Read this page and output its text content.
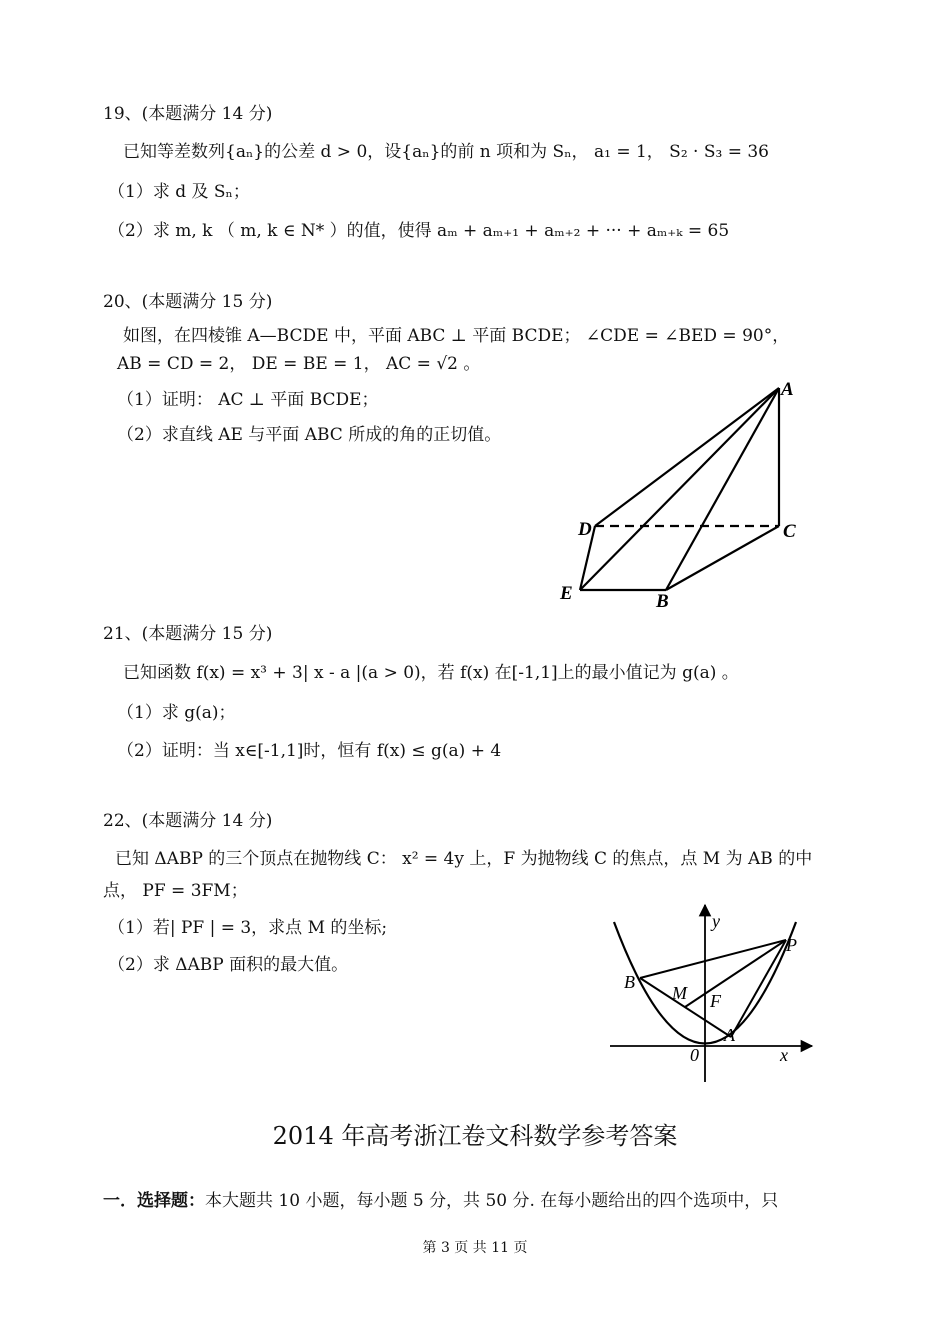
19、(本题满分 14 分)
已知等差数列{aₙ}的公差 d > 0，设{aₙ}的前 n 项和为 Sₙ， a₁ = 1， S₂ · S₃ = 36
（1）求 d 及 Sₙ；
（2）求 m, k （ m, k ∈ N* ）的值，使得 aₘ + aₘ₊₁ + aₘ₊₂ + ··· + aₘ₊ₖ = 65
20、(本题满分 15 分)
如图，在四棱锥 A—BCDE 中，平面 ABC ⊥ 平面 BCDE； ∠CDE = ∠BED = 90°，
AB = CD = 2， DE = BE = 1， AC = √2 。
（1）证明： AC ⊥ 平面 BCDE；
（2）求直线 AE 与平面 ABC 所成的角的正切值。
A
D	C
E	B
21、(本题满分 15 分)
已知函数 f(x) = x³ + 3| x - a |(a > 0)，若 f(x) 在[-1,1]上的最小值记为 g(a) 。
（1）求 g(a)；
（2）证明：当 x∈[-1,1]时，恒有 f(x) ≤ g(a) + 4
22、(本题满分 14 分)
已知 ΔABP 的三个顶点在抛物线 C： x² = 4y 上，F 为抛物线 C 的焦点，点 M 为 AB 的中
点， PF = 3FM；
（1）若| PF | = 3，求点 M 的坐标;
（2）求 ΔABP 面积的最大值。
y
P
B
M F
A
0	x
2014 年高考浙江卷文科数学参考答案
一．选择题：本大题共 10 小题，每小题 5 分，共 50 分. 在每小题给出的四个选项中，只
第 3 页 共 11 页
